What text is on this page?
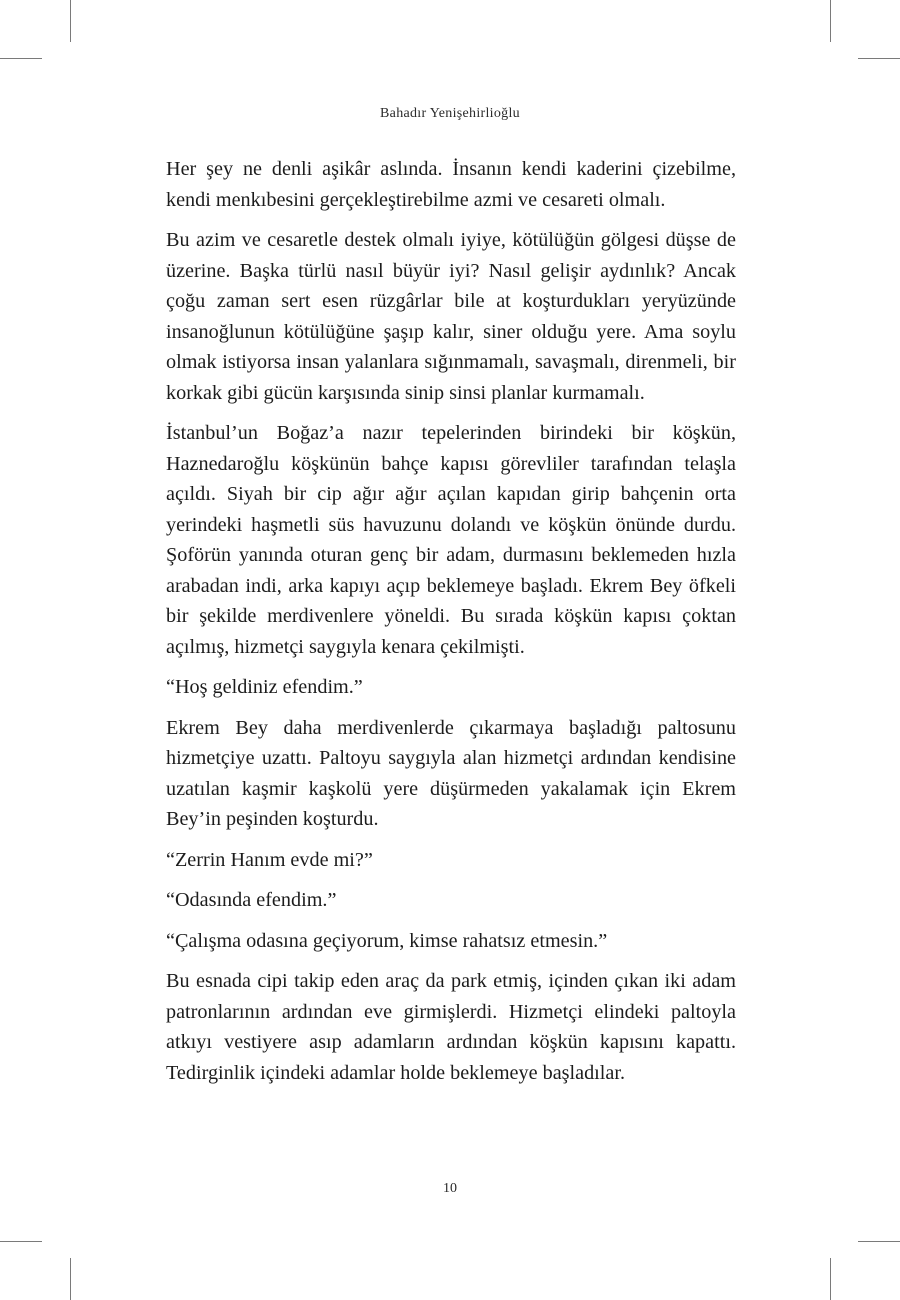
Bahadır Yenişehirlioğlu

Her şey ne denli aşikâr aslında. İnsanın kendi kaderini çizebilme, kendi menkıbesini gerçekleştirebilme azmi ve cesareti olmalı.

Bu azim ve cesaretle destek olmalı iyiye, kötülüğün gölgesi düşse de üzerine. Başka türlü nasıl büyür iyi? Nasıl gelişir aydınlık? Ancak çoğu zaman sert esen rüzgârlar bile at koşturdukları yeryüzünde insanoğlunun kötülüğüne şaşıp kalır, siner olduğu yere. Ama soylu olmak istiyorsa insan yalanlara sığınmamalı, savaşmalı, direnmeli, bir korkak gibi gücün karşısında sinip sinsi planlar kurmamalı.

İstanbul’un Boğaz’a nazır tepelerinden birindeki bir köşkün, Haznedaroğlu köşkünün bahçe kapısı görevliler tarafından telaşla açıldı. Siyah bir cip ağır ağır açılan kapıdan girip bahçenin orta yerindeki haşmetli süs havuzunu dolandı ve köşkün önünde durdu. Şoförün yanında oturan genç bir adam, durmasını beklemeden hızla arabadan indi, arka kapıyı açıp beklemeye başladı. Ekrem Bey öfkeli bir şekilde merdivenlere yöneldi. Bu sırada köşkün kapısı çoktan açılmış, hizmetçi saygıyla kenara çekilmişti.

“Hoş geldiniz efendim.”

Ekrem Bey daha merdivenlerde çıkarmaya başladığı paltosunu hizmetçiye uzattı. Paltoyu saygıyla alan hizmetçi ardından kendisine uzatılan kaşmir kaşkolü yere düşürmeden yakalamak için Ekrem Bey’in peşinden koşturdu.

“Zerrin Hanım evde mi?”

“Odasında efendim.”

“Çalışma odasına geçiyorum, kimse rahatsız etmesin.”

Bu esnada cipi takip eden araç da park etmiş, içinden çıkan iki adam patronlarının ardından eve girmişlerdi. Hizmetçi elindeki paltoyla atkıyı vestiyere asıp adamların ardından köşkün kapısını kapattı. Tedirginlik içindeki adamlar holde beklemeye başladılar.

10
